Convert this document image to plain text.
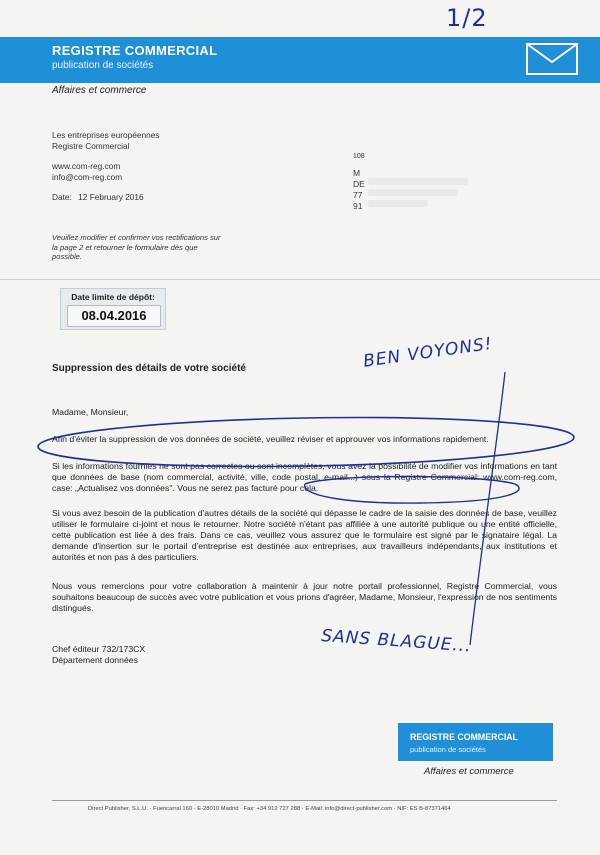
1/2
REGISTRE COMMERCIAL
publication de sociétés
Affaires et commerce
Les entreprises européennes
Registre Commercial
www.com-reg.com
info@com-reg.com
Date: 12 February 2016
108
M
DE
77
91
Veuillez modifier et confirmer vos rectifications sur la page 2 et retourner le formulaire dès que possible.
Date limite de dépôt:
08.04.2016
Suppression des détails de votre société	BEN VOYONS!
Madame, Monsieur,
Afin d'éviter la suppression de vos données de société, veuillez réviser et approuver vos informations rapidement.
Si les informations fournies ne sont pas correctes ou sont incomplètes, vous avez la possibilité de modifier vos informations en tant que données de base (nom commercial, activité, ville, code postal, e-mail...) sous la Registre Commercial: www.com-reg.com, case: „Actualisez vos données". Vous ne serez pas facturé pour cela.
Si vous avez besoin de la publication d'autres détails de la société qui dépasse le cadre de la saisie des données de base, veuillez utiliser le formulaire ci-joint et nous le retourner. Notre société n'étant pas affiliée à une autorité publique ou une entité officielle, cette publication est liée à des frais. Dans ce cas, veuillez vous assurez que le formulaire est signé par le signataire légal. La demande d'insertion sur le portail d'entreprise est destinée aux entreprises, aux travailleurs indépendants, aux institutions et autorités et non pas à des particuliers.
Nous vous remercions pour votre collaboration à maintenir à jour notre portail professionnel, Registre Commercial, vous souhaitons beaucoup de succès avec votre publication et vous prions d'agréer, Madame, Monsieur, l'expression de nos sentiments distingués.
Chef éditeur 732/173CX
Département données
SANS BLAGUE...
REGISTRE COMMERCIAL
publication de sociétés
Affaires et commerce
Direct Publisher, S.L.U. · Fuencarral 160 · E-28010 Madrid · Fax: +34 912 727 288 · E-Mail: info@direct-publisher.com · NIF: ES B-87371464
